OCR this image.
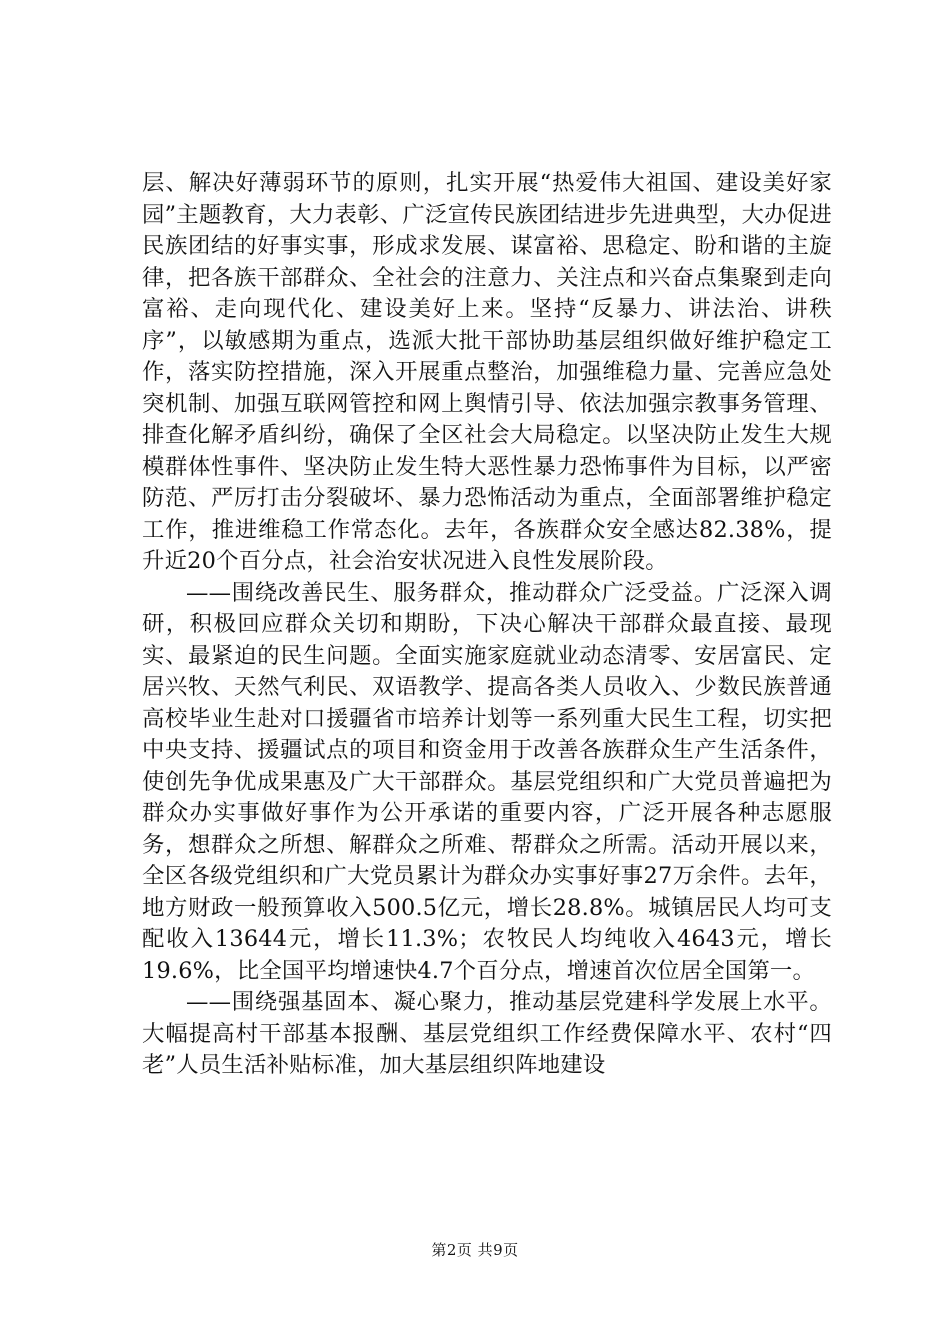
层、解决好薄弱环节的原则，扎实开展“热爱伟大祖国、建设美好家园”主题教育，大力表彰、广泛宣传民族团结进步先进典型，大办促进民族团结的好事实事，形成求发展、谋富裕、思稳定、盼和谐的主旋律，把各族干部群众、全社会的注意力、关注点和兴奋点集聚到走向富裕、走向现代化、建设美好上来。坚持“反暴力、讲法治、讲秩序”，以敏感期为重点，选派大批干部协助基层组织做好维护稳定工作，落实防控措施，深入开展重点整治，加强维稳力量、完善应急处突机制、加强互联网管控和网上舆情引导、依法加强宗教事务管理、排查化解矛盾纠纷，确保了全区社会大局稳定。以坚决防止发生大规模群体性事件、坚决防止发生特大恶性暴力恐怖事件为目标，以严密防范、严厉打击分裂破坏、暴力恐怖活动为重点，全面部署维护稳定工作，推进维稳工作常态化。去年，各族群众安全感达82.38%，提升近20个百分点，社会治安状况进入良性发展阶段。

——围绕改善民生、服务群众，推动群众广泛受益。广泛深入调研，积极回应群众关切和期盼，下决心解决干部群众最直接、最现实、最紧迫的民生问题。全面实施家庭就业动态清零、安居富民、定居兴牧、天然气利民、双语教学、提高各类人员收入、少数民族普通高校毕业生赴对口援疆省市培养计划等一系列重大民生工程，切实把中央支持、援疆试点的项目和资金用于改善各族群众生产生活条件，使创先争优成果惠及广大干部群众。基层党组织和广大党员普遍把为群众办实事做好事作为公开承诺的重要内容，广泛开展各种志愿服务，想群众之所想、解群众之所难、帮群众之所需。活动开展以来，全区各级党组织和广大党员累计为群众办实事好事27万余件。去年，地方财政一般预算收入500.5亿元，增长28.8%。城镇居民人均可支配收入13644元，增长11.3%；农牧民人均纯收入4643元，增长19.6%，比全国平均增速快4.7个百分点，增速首次位居全国第一。

——围绕强基固本、凝心聚力，推动基层党建科学发展上水平。大幅提高村干部基本报酬、基层党组织工作经费保障水平、农村“四老”人员生活补贴标准，加大基层组织阵地建设

第2页 共9页
